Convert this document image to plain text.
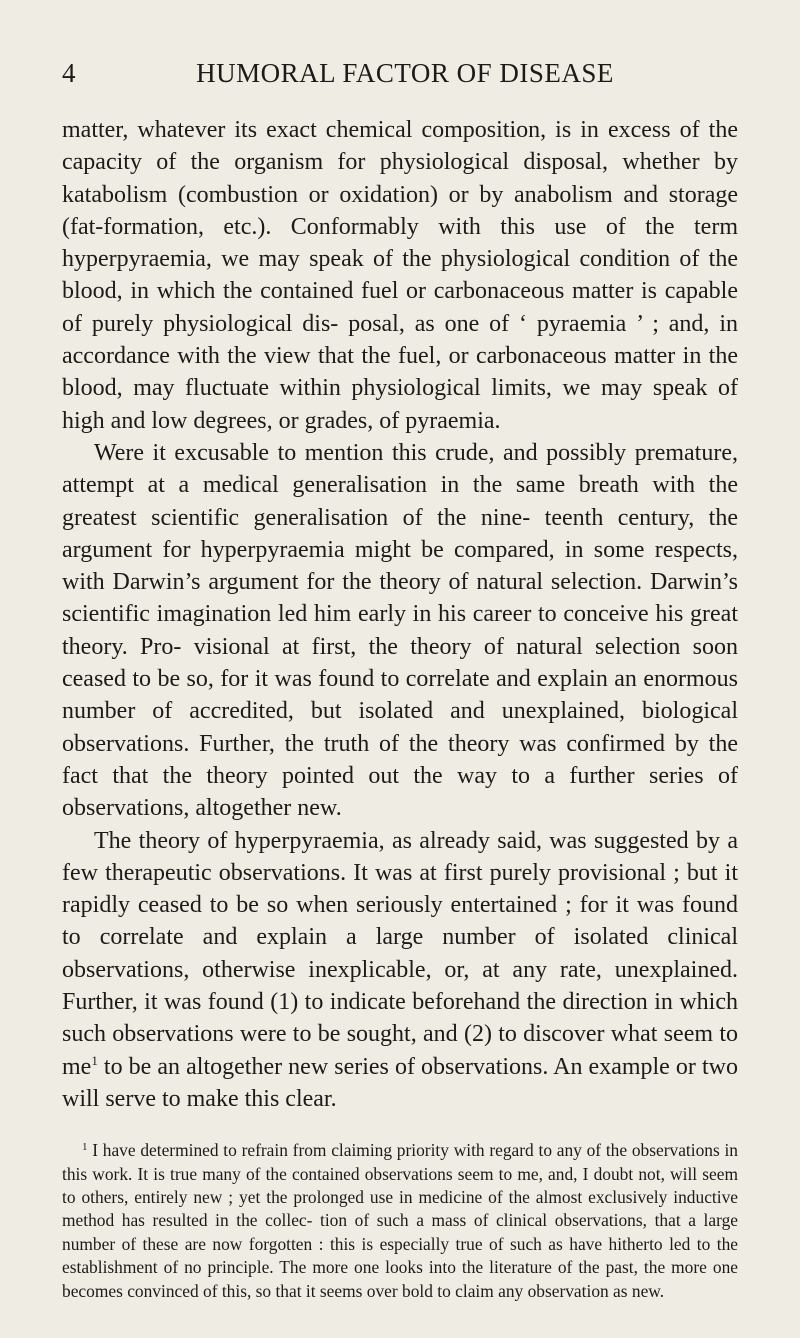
4	HUMORAL FACTOR OF DISEASE

matter, whatever its exact chemical composition, is in excess of the capacity of the organism for physiological disposal, whether by katabolism (combustion or oxidation) or by anabolism and storage (fat-formation, etc.). Conformably with this use of the term hyperpyraemia, we may speak of the physiological condition of the blood, in which the contained fuel or carbonaceous matter is capable of purely physiological dis- posal, as one of ‘ pyraemia ’ ; and, in accordance with the view that the fuel, or carbonaceous matter in the blood, may fluctuate within physiological limits, we may speak of high and low degrees, or grades, of pyraemia.

Were it excusable to mention this crude, and possibly premature, attempt at a medical generalisation in the same breath with the greatest scientific generalisation of the nine- teenth century, the argument for hyperpyraemia might be compared, in some respects, with Darwin’s argument for the theory of natural selection. Darwin’s scientific imagination led him early in his career to conceive his great theory. Pro- visional at first, the theory of natural selection soon ceased to be so, for it was found to correlate and explain an enormous number of accredited, but isolated and unexplained, biological observations. Further, the truth of the theory was confirmed by the fact that the theory pointed out the way to a further series of observations, altogether new.

The theory of hyperpyraemia, as already said, was suggested by a few therapeutic observations. It was at first purely provisional ; but it rapidly ceased to be so when seriously entertained ; for it was found to correlate and explain a large number of isolated clinical observations, otherwise inexplicable, or, at any rate, unexplained. Further, it was found (1) to indicate beforehand the direction in which such observations were to be sought, and (2) to discover what seem to $me^1$ to be an altogether new series of observations. An example or two will serve to make this clear.

$^1$ I have determined to refrain from claiming priority with regard to any of the observations in this work. It is true many of the contained observations seem to me, and, I doubt not, will seem to others, entirely new ; yet the prolonged use in medicine of the almost exclusively inductive method has resulted in the collec- tion of such a mass of clinical observations, that a large number of these are now forgotten : this is especially true of such as have hitherto led to the establishment of no principle. The more one looks into the literature of the past, the more one becomes convinced of this, so that it seems over bold to claim any observation as new.
